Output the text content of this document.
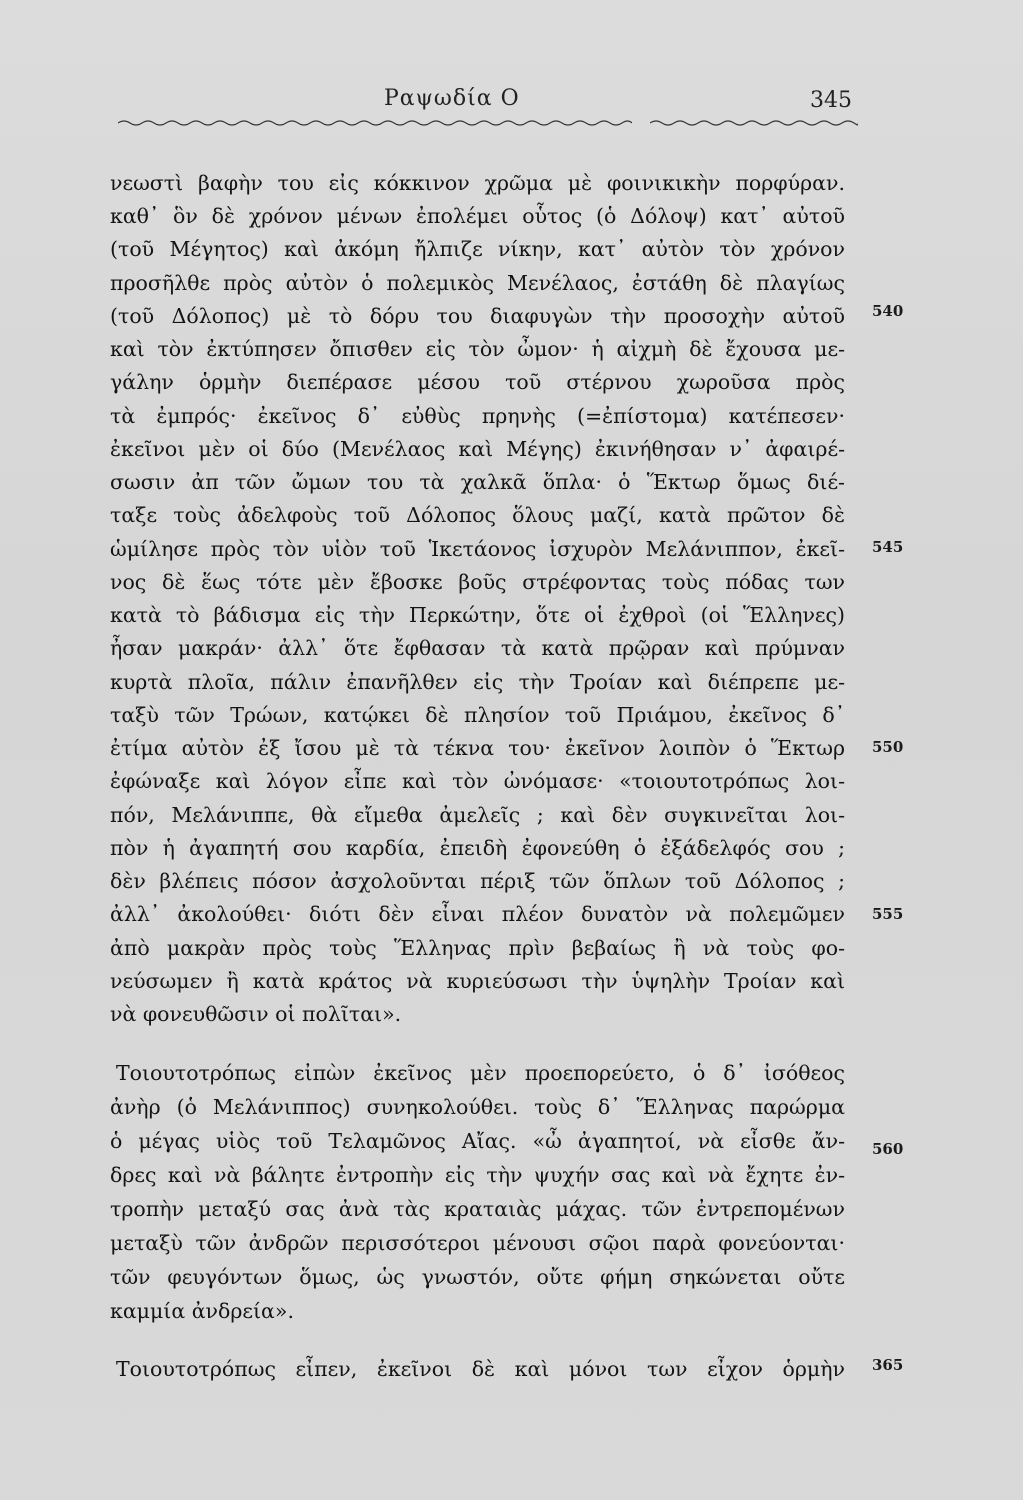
Ραψωδία Ο	345
νεωστὶ βαφὴν του εἰς κόκκινον χρῶμα μὲ φοινικικὴν πορφύραν.
καθ᾽ ὃν δὲ χρόνον μένων ἐπολέμει οὗτος (ὁ Δόλοψ) κατ᾽ αὐτοῦ
(τοῦ Μέγητος) καὶ ἀκόμη ἤλπιζε νίκην, κατ᾽ αὐτὸν τὸν χρόνον
προσῆλθε πρὸς αὐτὸν ὁ πολεμικὸς Μενέλαος, ἐστάθη δὲ πλαγίως
(τοῦ Δόλοπος) μὲ τὸ δόρυ του διαφυγὼν τὴν προσοχὴν αὐτοῦ
καὶ τὸν ἐκτύπησεν ὄπισθεν εἰς τὸν ὦμον· ἡ αἰχμὴ δὲ ἔχουσα με-
γάλην ὁρμὴν διεπέρασε μέσου τοῦ στέρνου χωροῦσα πρὸς
τὰ ἐμπρός· ἐκεῖνος δ᾽ εὐθὺς πρηνὴς (=ἐπίστομα) κατέπεσεν·
ἐκεῖνοι μὲν οἱ δύο (Μενέλαος καὶ Μέγης) ἐκινήθησαν ν᾽ ἀφαιρέ-
σωσιν ἀπ τῶν ὤμων του τὰ χαλκᾶ ὅπλα· ὁ Ἕκτωρ ὅμως διέ-
ταξε τοὺς ἀδελφοὺς τοῦ Δόλοπος ὅλους μαζί, κατὰ πρῶτον δὲ
ὡμίλησε πρὸς τὸν υἱὸν τοῦ Ἱκετάονος ἰσχυρὸν Μελάνιππον, ἐκεῖ-
νος δὲ ἕως τότε μὲν ἔβοσκε βοῦς στρέφοντας τοὺς πόδας των
κατὰ τὸ βάδισμα εἰς τὴν Περκώτην, ὅτε οἱ ἐχθροὶ (οἱ Ἕλληνες)
ἦσαν μακράν· ἀλλ᾽ ὅτε ἔφθασαν τὰ κατὰ πρῷραν καὶ πρύμναν
κυρτὰ πλοῖα, πάλιν ἐπανῆλθεν εἰς τὴν Τροίαν καὶ διέπρεπε με-
ταξὺ τῶν Τρώων, κατῴκει δὲ πλησίον τοῦ Πριάμου, ἐκεῖνος δ᾽
ἐτίμα αὐτὸν ἐξ ἴσου μὲ τὰ τέκνα του· ἐκεῖνον λοιπὸν ὁ Ἕκτωρ
ἐφώναξε καὶ λόγον εἶπε καὶ τὸν ὠνόμασε· «τοιουτοτρόπως λοι-
πόν, Μελάνιππε, θὰ εἴμεθα ἀμελεῖς ; καὶ δὲν συγκινεῖται λοι-
πὸν ἡ ἀγαπητή σου καρδία, ἐπειδὴ ἐφονεύθη ὁ ἐξάδελφός σου ;
δὲν βλέπεις πόσον ἀσχολοῦνται πέριξ τῶν ὅπλων τοῦ Δόλοπος ;
ἀλλ᾽ ἀκολούθει· διότι δὲν εἶναι πλέον δυνατὸν νὰ πολεμῶμεν
ἀπὸ μακρὰν πρὸς τοὺς Ἕλληνας πρὶν βεβαίως ἢ νὰ τοὺς φο-
νεύσωμεν ἢ κατὰ κράτος νὰ κυριεύσωσι τὴν ὑψηλὴν Τροίαν καὶ
νὰ φονευθῶσιν οἱ πολῖται».
Τοιουτοτρόπως εἰπὼν ἐκεῖνος μὲν προεπορεύετο, ὁ δ᾽ ἰσόθεος
ἀνὴρ (ὁ Μελάνιππος) συνηκολούθει. τοὺς δ᾽ Ἕλληνας παρώρμα
ὁ μέγας υἱὸς τοῦ Τελαμῶνος Αἴας. «ὦ ἀγαπητοί, νὰ εἶσθε ἄν-
δρες καὶ νὰ βάλητε ἐντροπὴν εἰς τὴν ψυχήν σας καὶ νὰ ἔχητε ἐν-
τροπὴν μεταξύ σας ἀνὰ τὰς κραταιὰς μάχας. τῶν ἐντρεπομένων
μεταξὺ τῶν ἀνδρῶν περισσότεροι μένουσι σῷοι παρὰ φονεύονται·
τῶν φευγόντων ὅμως, ὡς γνωστόν, οὔτε φήμη σηκώνεται οὔτε
καμμία ἀνδρεία».
Τοιουτοτρόπως εἶπεν, ἐκεῖνοι δὲ καὶ μόνοι των εἶχον ὁρμὴν
540
545
550
555
560
365
